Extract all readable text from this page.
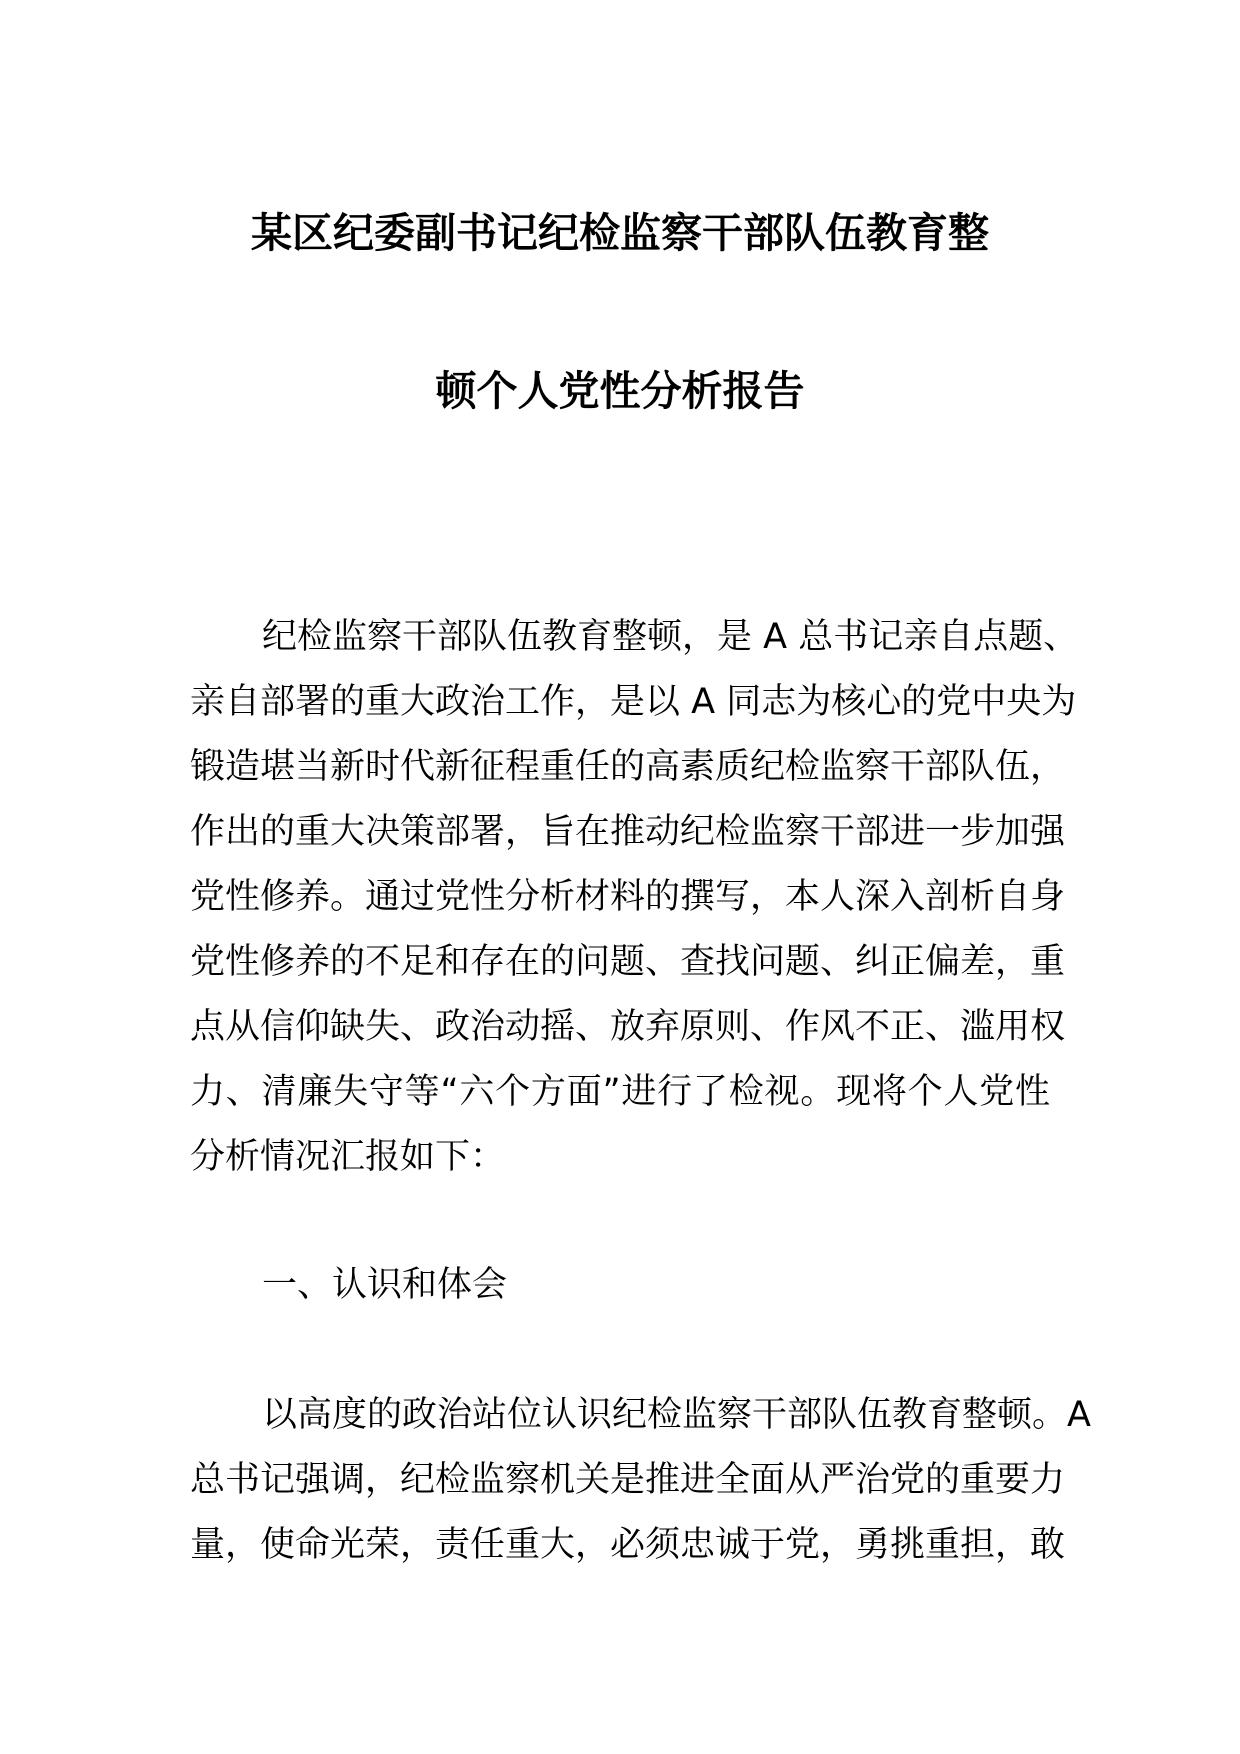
某区纪委副书记纪检监察干部队伍教育整
顿个人党性分析报告
纪检监察干部队伍教育整顿，是 A 总书记亲自点题、
亲自部署的重大政治工作，是以 A 同志为核心的党中央为
锻造堪当新时代新征程重任的高素质纪检监察干部队伍，
作出的重大决策部署，旨在推动纪检监察干部进一步加强
党性修养。通过党性分析材料的撰写，本人深入剖析自身
党性修养的不足和存在的问题、查找问题、纠正偏差，重
点从信仰缺失、政治动摇、放弃原则、作风不正、滥用权
力、清廉失守等“六个方面”进行了检视。现将个人党性
分析情况汇报如下：
一、认识和体会
以高度的政治站位认识纪检监察干部队伍教育整顿。A
总书记强调，纪检监察机关是推进全面从严治党的重要力
量，使命光荣，责任重大，必须忠诚于党，勇挑重担，敢
